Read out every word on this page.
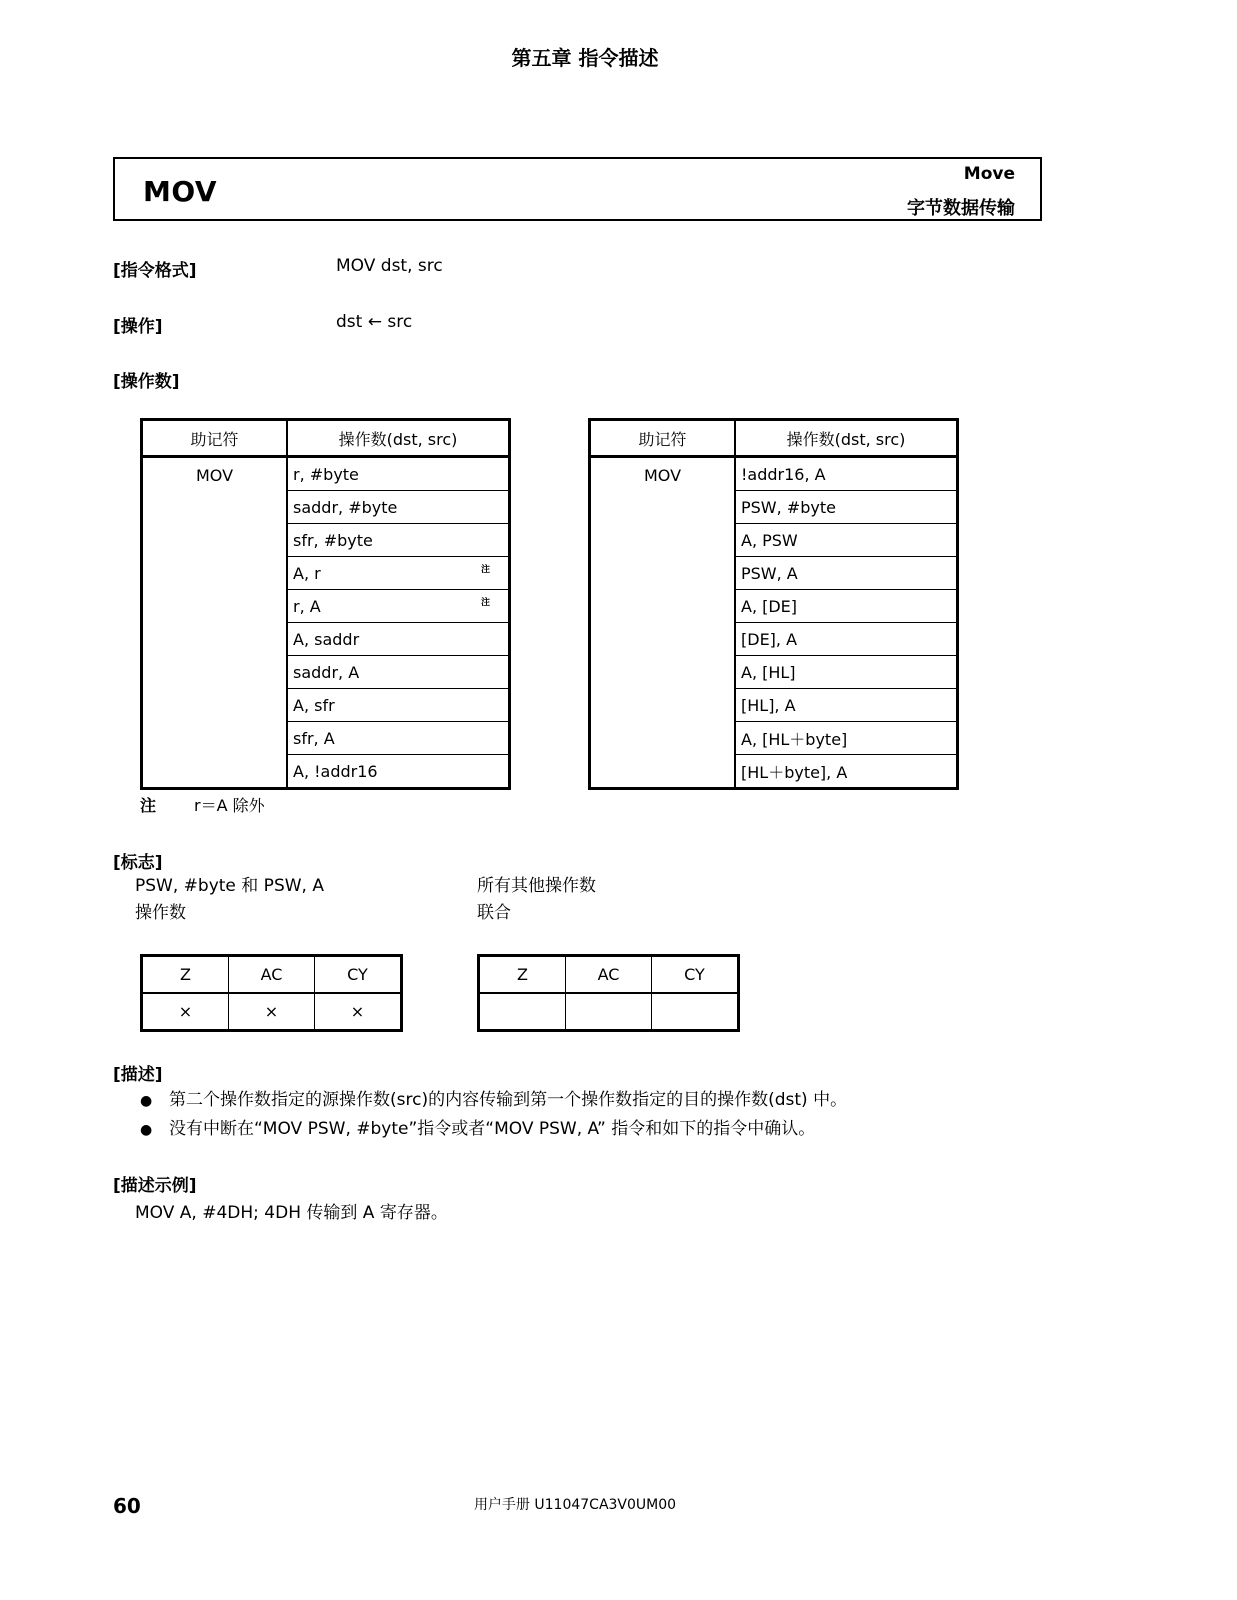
第五章 指令描述
MOV
Move
字节数据传输
[指令格式]	MOV dst, src
[操作]	dst ← src
[操作数]
助记符	操作数(dst, src)
MOV	r, #byte
	saddr, #byte
	sfr, #byte
	A, r 注

	r, A 注

	A, saddr
	saddr, A
	A, sfr
	sfr, A
	A, !addr16
助记符	操作数(dst, src)
MOV	!addr16, A
	PSW, #byte
	A, PSW
	PSW, A
	A, [DE]
	[DE], A
	A, [HL]
	[HL], A
	A, [HL＋byte]
	[HL＋byte], A
注 r＝A 除外
[标志]
PSW, #byte 和 PSW, A
操作数
所有其他操作数
联合
Z	AC	CY
×	×	×
Z	AC	CY

[描述]
● 第二个操作数指定的源操作数(src)的内容传输到第一个操作数指定的目的操作数(dst) 中。
● 没有中断在“MOV PSW, #byte”指令或者“MOV PSW, A” 指令和如下的指令中确认。
[描述示例]
MOV A, #4DH; 4DH 传输到 A 寄存器。
60	用户手册 U11047CA3V0UM00
